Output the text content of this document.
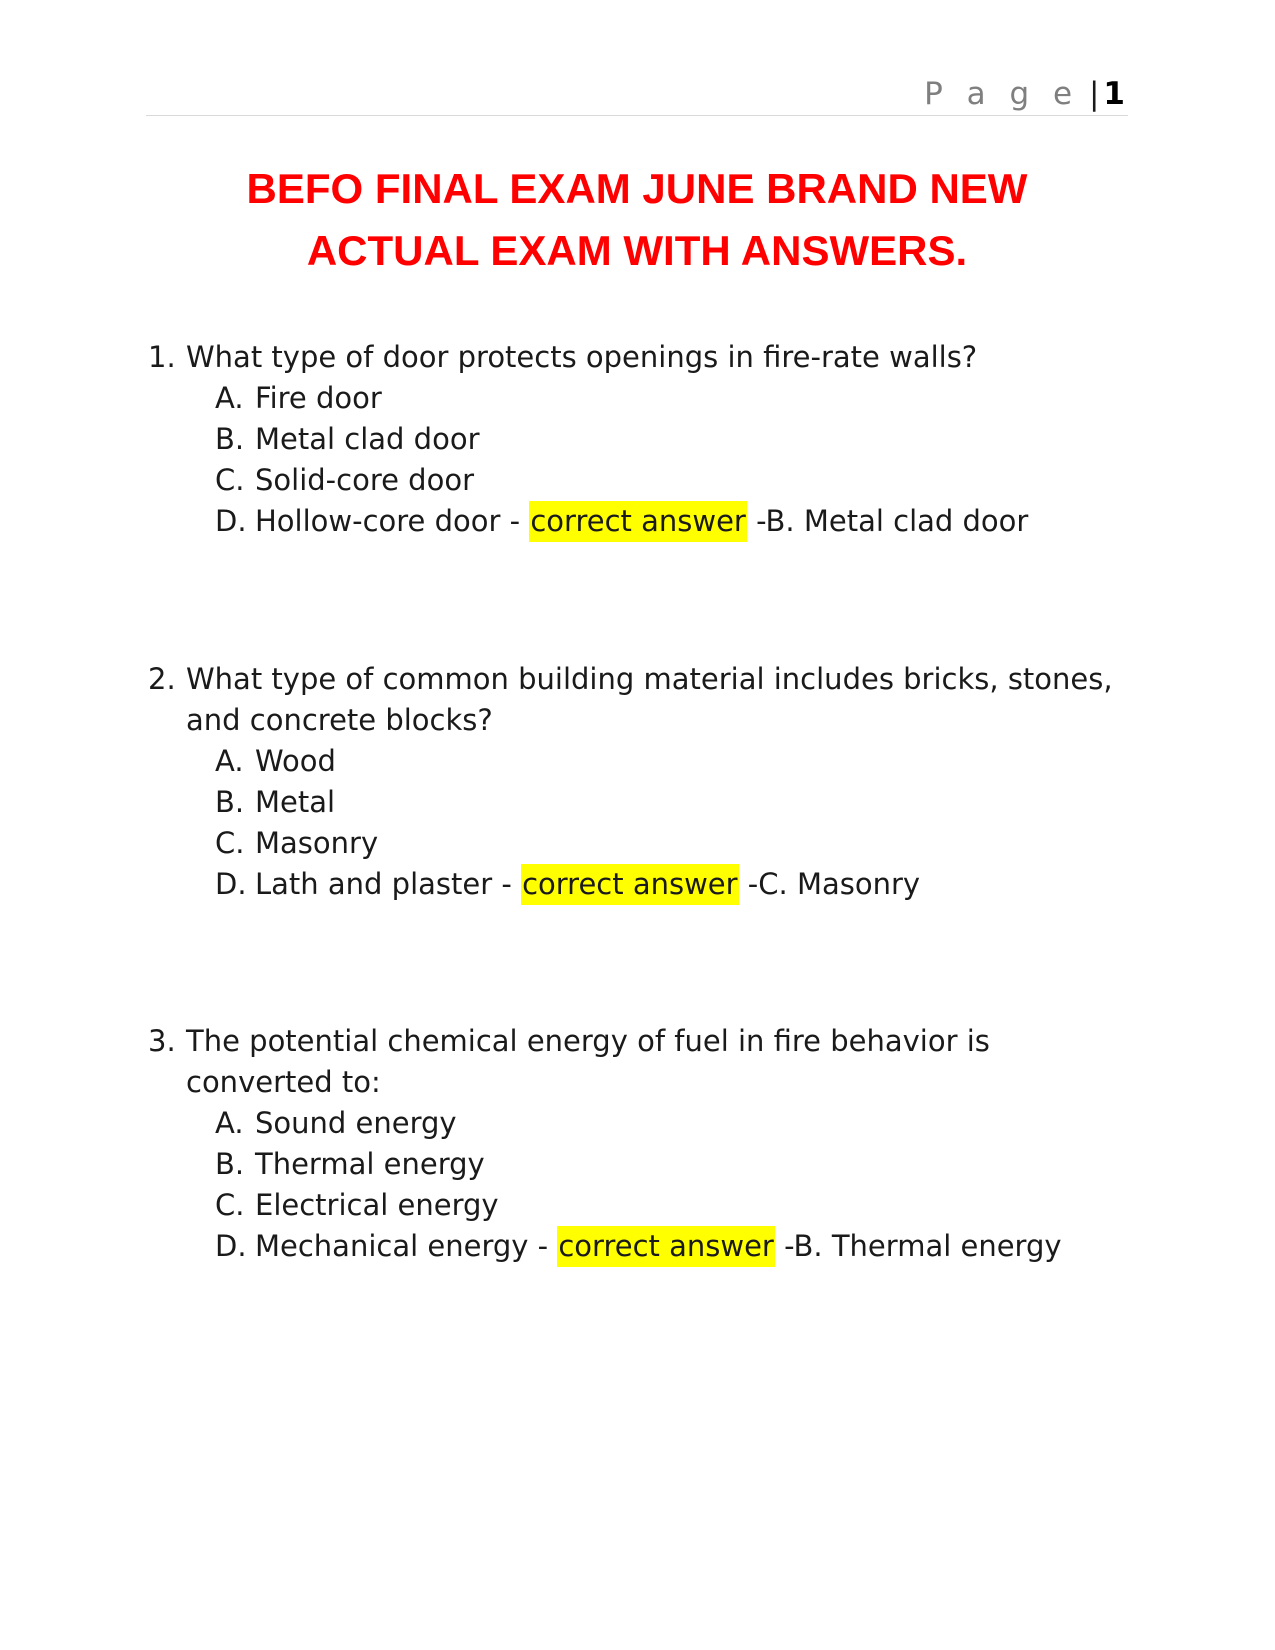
P a g e | 1
BEFO FINAL EXAM JUNE BRAND NEW
ACTUAL EXAM WITH ANSWERS.
1. What type of door protects openings in fire-rate walls?
A. Fire door
B. Metal clad door
C. Solid-core door
D. Hollow-core door - correct answer -B. Metal clad door
2. What type of common building material includes bricks, stones,
and concrete blocks?
A. Wood
B. Metal
C. Masonry
D. Lath and plaster - correct answer -C. Masonry
3. The potential chemical energy of fuel in fire behavior is
converted to:
A. Sound energy
B. Thermal energy
C. Electrical energy
D. Mechanical energy - correct answer -B. Thermal energy
